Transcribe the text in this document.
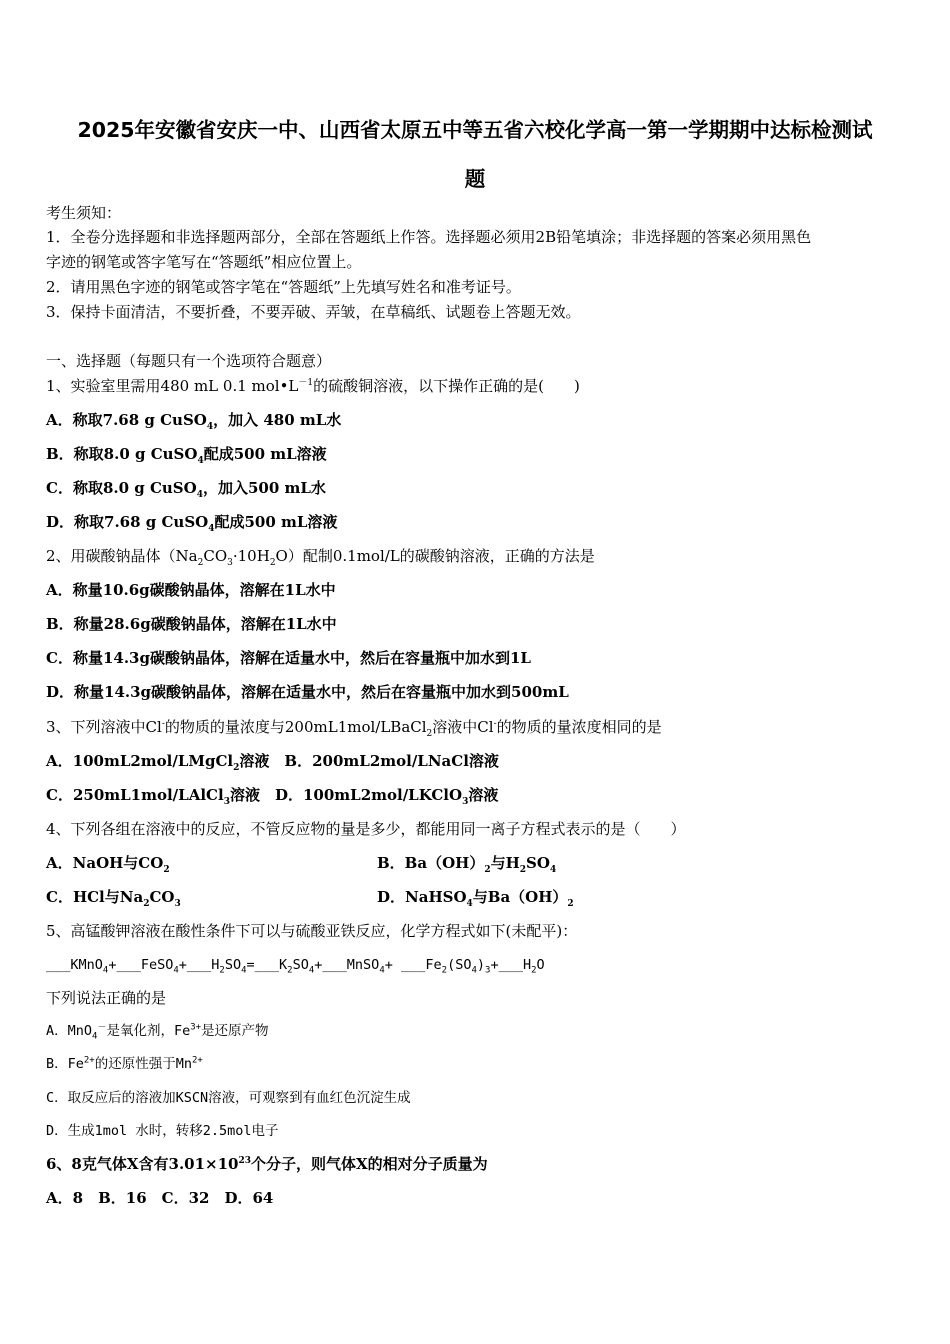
2025年安徽省安庆一中、山西省太原五中等五省六校化学高一第一学期期中达标检测试
题
考生须知：
1．全卷分选择题和非选择题两部分，全部在答题纸上作答。选择题必须用2B铅笔填涂；非选择题的答案必须用黑色
字迹的钢笔或答字笔写在“答题纸”相应位置上。
2．请用黑色字迹的钢笔或答字笔在“答题纸”上先填写姓名和准考证号。
3．保持卡面清洁，不要折叠，不要弄破、弄皱，在草稿纸、试题卷上答题无效。
一、选择题（每题只有一个选项符合题意）
1、实验室里需用480 mL 0.1 $mol•L^{-1}$的硫酸铜溶液，以下操作正确的是(　　)
A．称取7.68 g CuSO$_4$，加入 480 mL水
B．称取8.0 g CuSO$_4$配成500 mL溶液
C．称取8.0 g CuSO$_4$，加入500 mL水
D．称取7.68 g CuSO$_4$配成500 mL溶液
2、用碳酸钠晶体$(Na_2CO_3\cdot 10H_2O)$配制0.1mol/L的碳酸钠溶液，正确的方法是
A．称量10.6g碳酸钠晶体，溶解在1L水中
B．称量28.6g碳酸钠晶体，溶解在1L水中
C．称量14.3g碳酸钠晶体，溶解在适量水中，然后在容量瓶中加水到1L
D．称量14.3g碳酸钠晶体，溶解在适量水中，然后在容量瓶中加水到500mL
3、下列溶液中Cl-的物质的量浓度与200mL1mol/LBaCl$_2$溶液中Cl-的物质的量浓度相同的是
A．100mL2mol/LMgCl$_2$溶液　B．200mL2mol/LNaCl溶液
C．250mL1mol/LAlCl$_3$溶液　D．100mL2mol/LKClO$_3$溶液
4、下列各组在溶液中的反应，不管反应物的量是多少，都能用同一离子方程式表示的是（　　）
A．NaOH与$CO_2$	B．$Ba(OH)_2$与$H_2SO_4$
C．HCl与$Na_2CO_3$	D．NaHSO$_4$与$Ba(OH)_2$
5、高锰酸钾溶液在酸性条件下可以与硫酸亚铁反应，化学方程式如下(未配平)：
$\_\_\_KMnO_4+\_\_\_FeSO_4+\_\_\_H_2SO_4=\_\_\_K_2SO_4+\_\_\_MnSO_4+$ $\_\_\_Fe_2(SO_4)_3+\_\_\_H_2O$
下列说法正确的是
A．MnO$_4$－是氧化剂，$Fe^{3+}$是还原产物
B．$Fe^{2+}$的还原性强于$Mn^{2+}$
C．取反应后的溶液加KSCN溶液，可观察到有血红色沉淀生成
D．生成1mol 水时，转移2.5mol电子
6、8克气体X含有$3.01\times 10^{23}$个分子，则气体X的相对分子质量为
A．8　B．16　C．32　D．64
